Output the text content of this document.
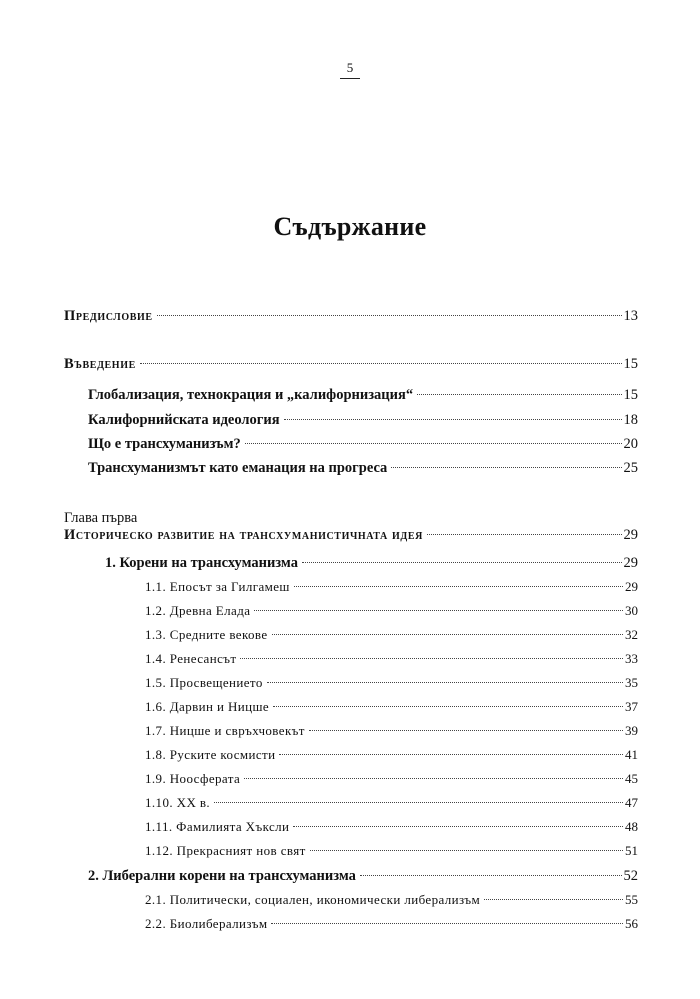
5
Съдържание
Глава първа
Предисловие	13
Въведение	15
Глобализация, технокрация и „калифорнизация“	15
Калифорнийската идеология	18
Що е трансхуманизъм?	20
Трансхуманизмът като еманация на прогреса	25
Историческо развитие на трансхуманистичната идея	29
1. Корени на трансхуманизма	29
1.1. Епосът за Гилгамеш	29
1.2. Древна Елада	30
1.3. Средните векове	32
1.4. Ренесансът	33
1.5. Просвещението	35
1.6. Дарвин и Ницше	37
1.7. Ницше и свръхчовекът	39
1.8. Руските космисти	41
1.9. Ноосферата	45
1.10. ХХ в.	47
1.11. Фамилията Хъксли	48
1.12. Прекрасният нов свят	51
2. Либерални корени на трансхуманизма	52
2.1. Политически, социален, икономически либерализъм	55
2.2. Биолиберализъм	56
